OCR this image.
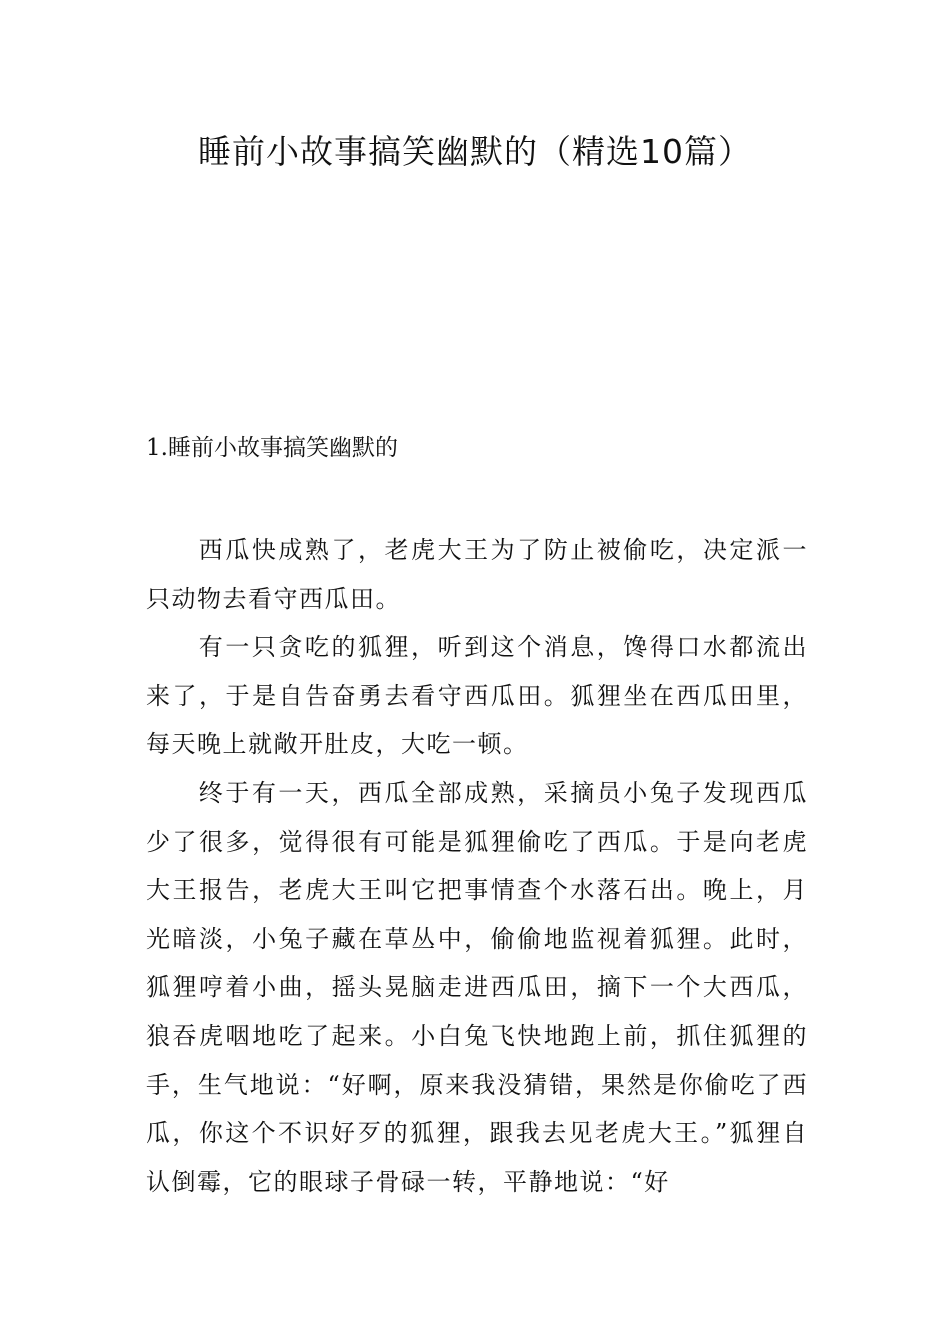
睡前小故事搞笑幽默的（精选10篇）
1.睡前小故事搞笑幽默的

西瓜快成熟了，老虎大王为了防止被偷吃，决定派一只动物去看守西瓜田。

有一只贪吃的狐狸，听到这个消息，馋得口水都流出来了，于是自告奋勇去看守西瓜田。狐狸坐在西瓜田里，每天晚上就敞开肚皮，大吃一顿。

终于有一天，西瓜全部成熟，采摘员小兔子发现西瓜少了很多，觉得很有可能是狐狸偷吃了西瓜。于是向老虎大王报告，老虎大王叫它把事情查个水落石出。晚上，月光暗淡，小兔子藏在草丛中，偷偷地监视着狐狸。此时，狐狸哼着小曲，摇头晃脑走进西瓜田，摘下一个大西瓜，狼吞虎咽地吃了起来。小白兔飞快地跑上前，抓住狐狸的手，生气地说：“好啊，原来我没猜错，果然是你偷吃了西瓜，你这个不识好歹的狐狸，跟我去见老虎大王。”狐狸自认倒霉，它的眼球子骨碌一转，平静地说：“好
